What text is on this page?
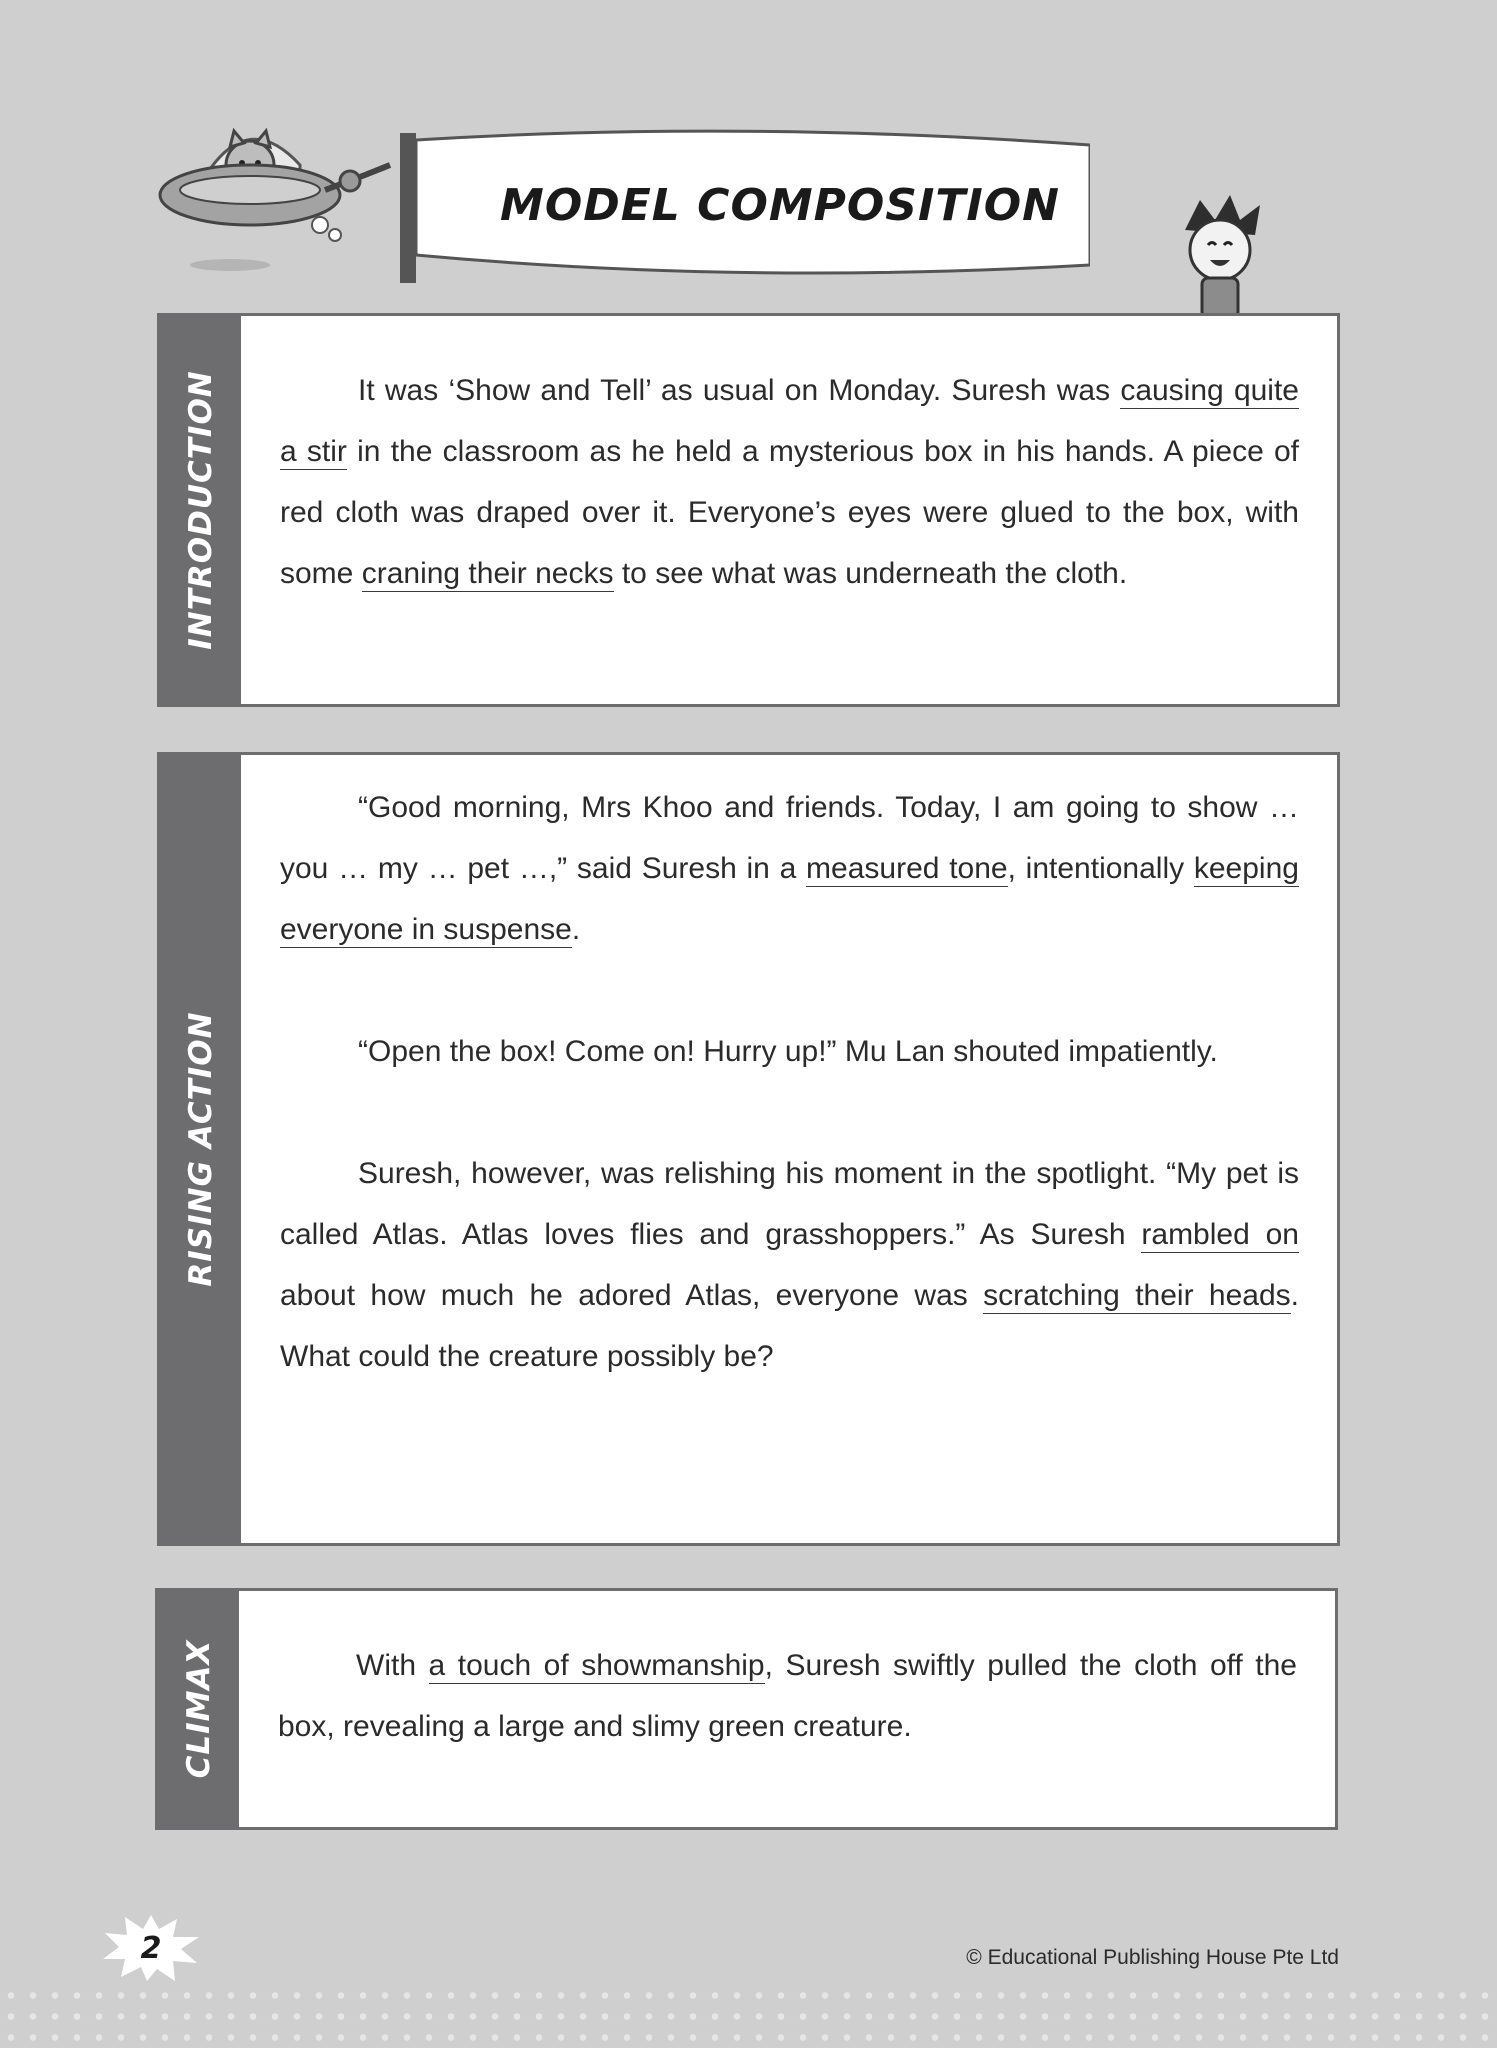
MODEL COMPOSITION
INTRODUCTION	It was ‘Show and Tell’ as usual on Monday. Suresh was causing quite a stir in the classroom as he held a mysterious box in his hands. A piece of red cloth was draped over it. Everyone’s eyes were glued to the box, with some craning their necks to see what was underneath the cloth.

RISING ACTION

“Good morning, Mrs Khoo and friends. Today, I am going to show … you … my … pet …,” said Suresh in a measured tone, intentionally keeping everyone in suspense.

“Open the box! Come on! Hurry up!” Mu Lan shouted impatiently.

Suresh, however, was relishing his moment in the spotlight. “My pet is called Atlas. Atlas loves flies and grasshoppers.” As Suresh rambled on about how much he adored Atlas, everyone was scratching their heads. What could the creature possibly be?

CLIMAX	With a touch of showmanship, Suresh swiftly pulled the cloth off the box, revealing a large and slimy green creature.

2	© Educational Publishing House Pte Ltd
